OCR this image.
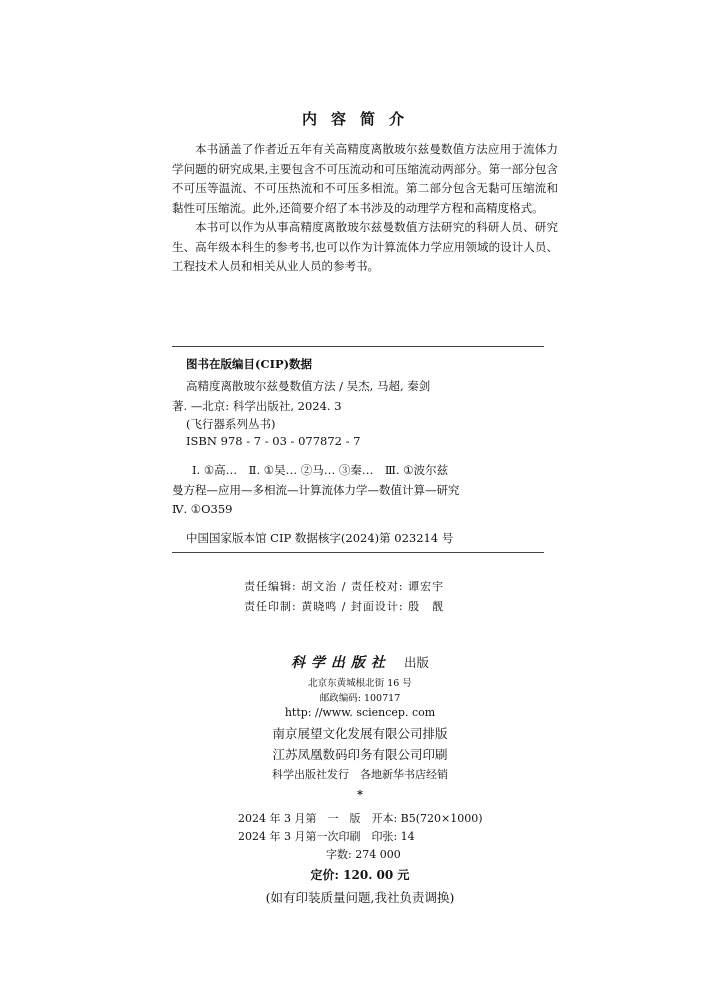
内容简介

本书涵盖了作者近五年有关高精度离散玻尔兹曼数值方法应用于流体力学问题的研究成果,主要包含不可压流动和可压缩流动两部分。第一部分包含不可压等温流、不可压热流和不可压多相流。第二部分包含无黏可压缩流和黏性可压缩流。此外,还简要介绍了本书涉及的动理学方程和高精度格式。

本书可以作为从事高精度离散玻尔兹曼数值方法研究的科研人员、研究生、高年级本科生的参考书,也可以作为计算流体力学应用领域的设计人员、工程技术人员和相关从业人员的参考书。

图书在版编目(CIP)数据
高精度离散玻尔兹曼数值方法 / 吴杰, 马超, 秦剑
著. —北京: 科学出版社, 2024. 3
(飞行器系列丛书)
ISBN 978 - 7 - 03 - 077872 - 7
Ⅰ. ①高…　Ⅱ. ①吴… ②马… ③秦…　Ⅲ. ①波尔兹
曼方程—应用—多相流—计算流体力学—数值计算—研究
Ⅳ. ①O359
中国国家版本馆 CIP 数据核字(2024)第 023214 号
责任编辑: 胡文治 / 责任校对: 谭宏宇
责任印制: 黄晓鸣 / 封面设计: 殷　靓
科学出版社 出版
北京东黄城根北街 16 号
邮政编码: 100717
http: //www. sciencep. com
南京展望文化发展有限公司排版
江苏凤凰数码印务有限公司印刷
科学出版社发行　各地新华书店经销
*
2024 年 3 月第　一　版　开本: B5(720×1000)
2024 年 3 月第一次印刷　印张: 14
字数: 274 000
定价: 120. 00 元
(如有印装质量问题,我社负责调换)
